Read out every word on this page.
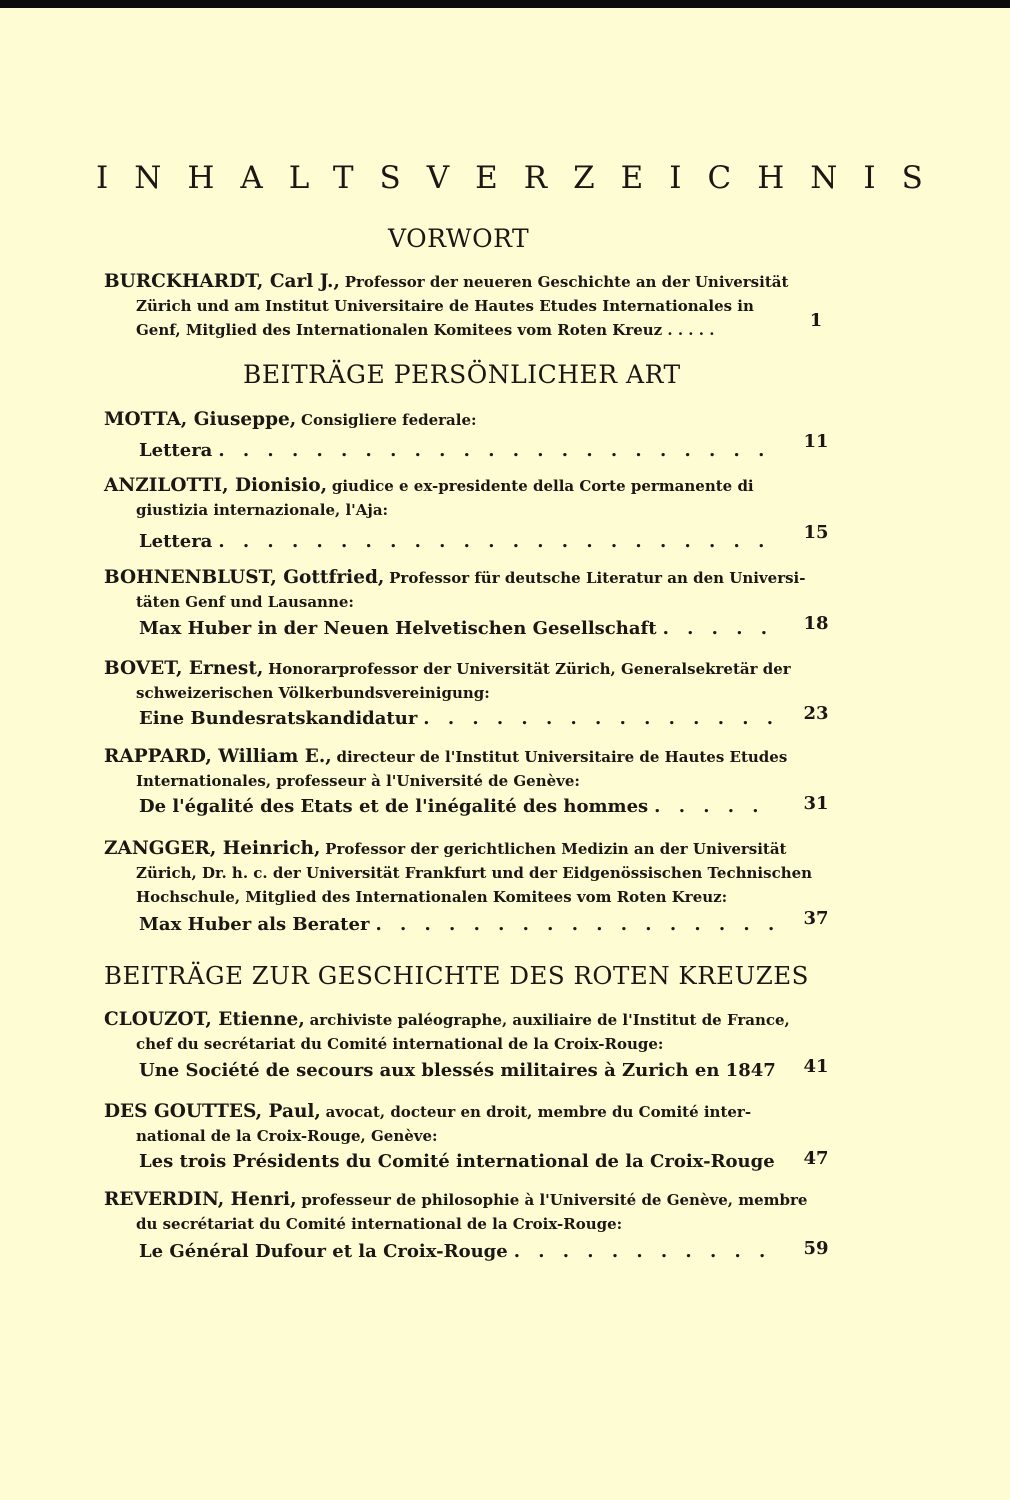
INHALTSVERZEICHNIS
VORWORT
BURCKHARDT, Carl J., Professor der neueren Geschichte an der Universität
Zürich und am Institut Universitaire de Hautes Etudes Internationales in
Genf, Mitglied des Internationalen Komitees vom Roten Kreuz . . . . .	1
BEITRÄGE PERSÖNLICHER ART
MOTTA, Giuseppe, Consigliere federale:
Lettera . . .	11
ANZILOTTI, Dionisio, giudice e ex-presidente della Corte permanente di
giustizia internazionale, l'Aja:
Lettera . . .	15
BOHNENBLUST, Gottfried, Professor für deutsche Literatur an den Universi-
täten Genf und Lausanne:
Max Huber in der Neuen Helvetischen Gesellschaft . . .	18
BOVET, Ernest, Honorarprofessor der Universität Zürich, Generalsekretär der
schweizerischen Völkerbundsvereinigung:
Eine Bundesratskandidatur . . .	23
RAPPARD, William E., directeur de l'Institut Universitaire de Hautes Etudes
Internationales, professeur à l'Université de Genève:
De l'égalité des Etats et de l'inégalité des hommes . . .	31
ZANGGER, Heinrich, Professor der gerichtlichen Medizin an der Universität
Zürich, Dr. h. c. der Universität Frankfurt und der Eidgenössischen Technischen
Hochschule, Mitglied des Internationalen Komitees vom Roten Kreuz:
Max Huber als Berater . . .	37
BEITRÄGE ZUR GESCHICHTE DES ROTEN KREUZES
CLOUZOT, Etienne, archiviste paléographe, auxiliaire de l'Institut de France,
chef du secrétariat du Comité international de la Croix-Rouge:
Une Société de secours aux blessés militaires à Zurich en 1847	41
DES GOUTTES, Paul, avocat, docteur en droit, membre du Comité inter-
national de la Croix-Rouge, Genève:
Les trois Présidents du Comité international de la Croix-Rouge	47
REVERDIN, Henri, professeur de philosophie à l'Université de Genève, membre
du secrétariat du Comité international de la Croix-Rouge:
Le Général Dufour et la Croix-Rouge . . .	59
